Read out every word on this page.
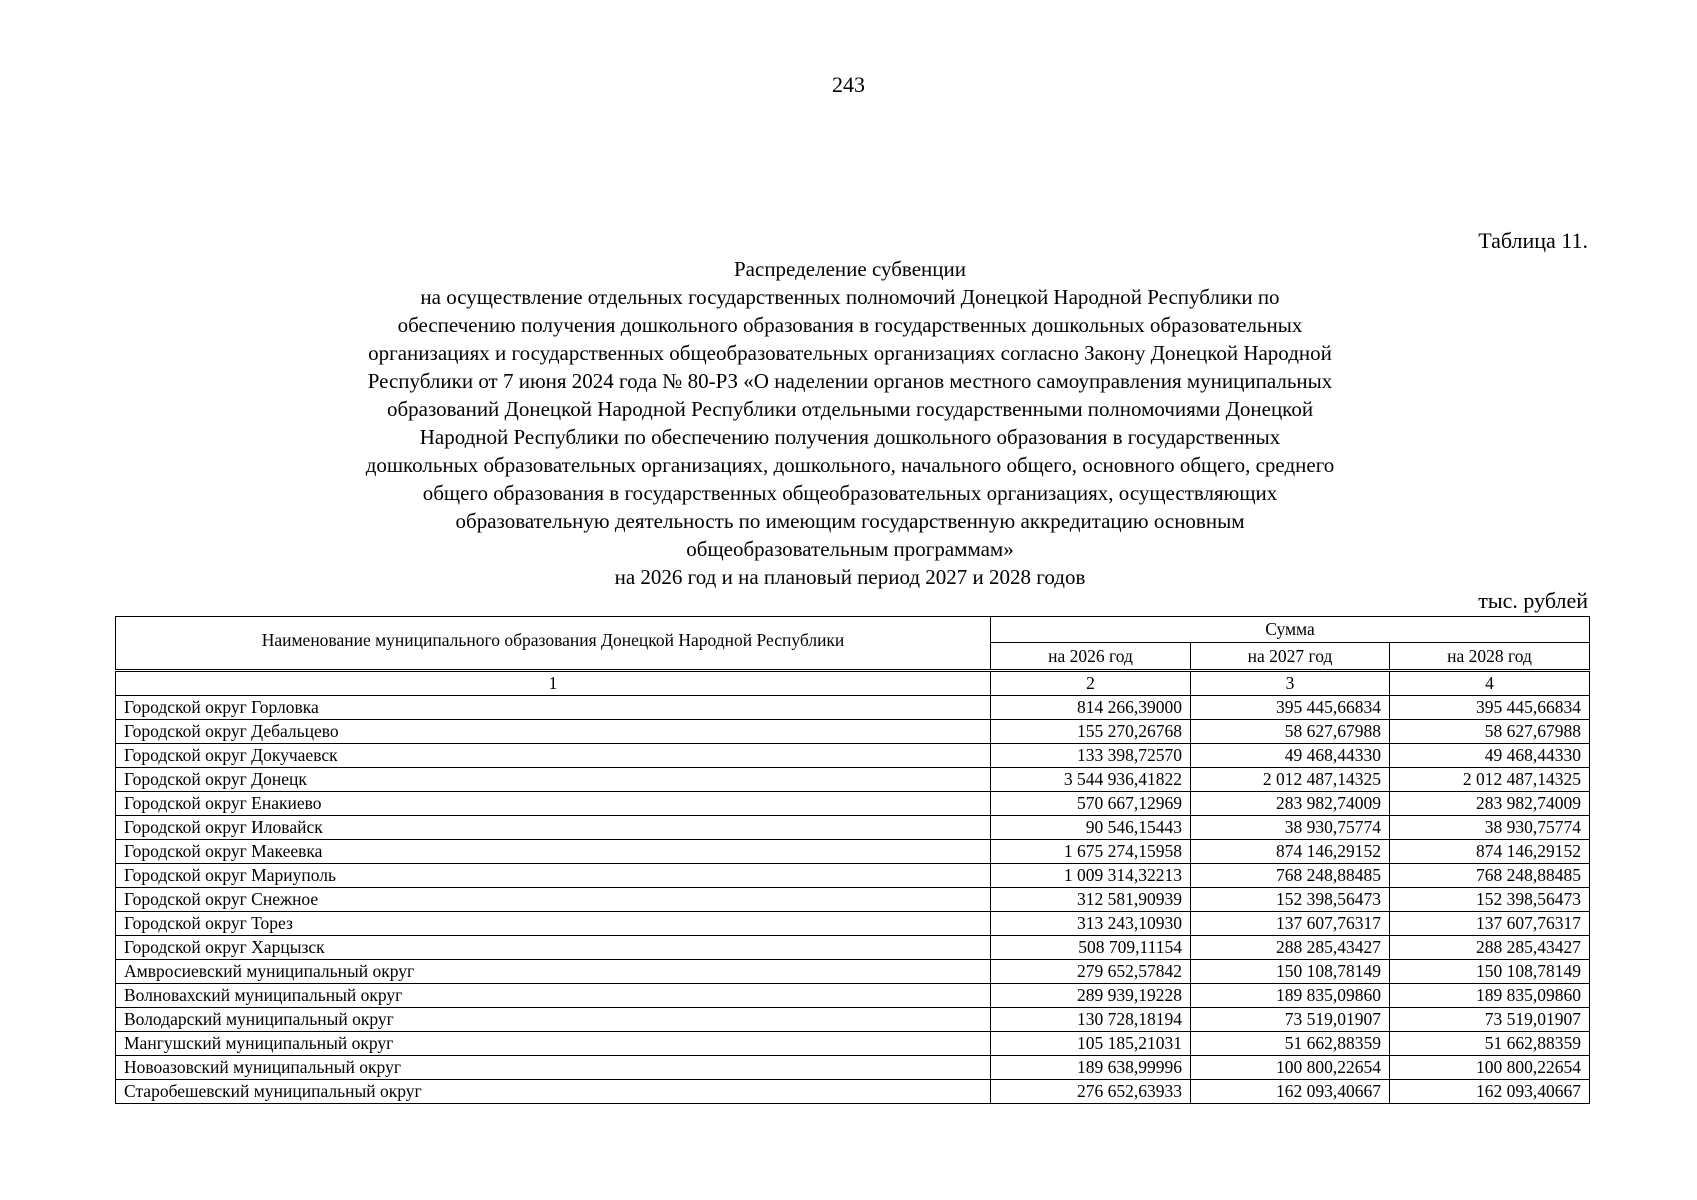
243
Таблица 11.
Распределение субвенции
на осуществление отдельных государственных полномочий Донецкой Народной Республики по
обеспечению получения дошкольного образования в государственных дошкольных образовательных
организациях и государственных общеобразовательных организациях согласно Закону Донецкой Народной
Республики от 7 июня 2024 года № 80-РЗ «О наделении органов местного самоуправления муниципальных
образований Донецкой Народной Республики отдельными государственными полномочиями Донецкой
Народной Республики по обеспечению получения дошкольного образования в государственных
дошкольных образовательных организациях, дошкольного, начального общего, основного общего, среднего
общего образования в государственных общеобразовательных организациях, осуществляющих
образовательную деятельность по имеющим государственную аккредитацию основным
общеобразовательным программам»
на 2026 год и на плановый период 2027 и 2028 годов
тыс. рублей
Наименование муниципального образования Донецкой Народной Республики	Сумма		
	на 2026 год	на 2027 год	на 2028 год
1	2	3	4
Городской округ Горловка	814 266,39000	395 445,66834	395 445,66834
Городской округ Дебальцево	155 270,26768	58 627,67988	58 627,67988
Городской округ Докучаевск	133 398,72570	49 468,44330	49 468,44330
Городской округ Донецк	3 544 936,41822	2 012 487,14325	2 012 487,14325
Городской округ Енакиево	570 667,12969	283 982,74009	283 982,74009
Городской округ Иловайск	90 546,15443	38 930,75774	38 930,75774
Городской округ Макеевка	1 675 274,15958	874 146,29152	874 146,29152
Городской округ Мариуполь	1 009 314,32213	768 248,88485	768 248,88485
Городской округ Снежное	312 581,90939	152 398,56473	152 398,56473
Городской округ Торез	313 243,10930	137 607,76317	137 607,76317
Городской округ Харцызск	508 709,11154	288 285,43427	288 285,43427
Амвросиевский муниципальный округ	279 652,57842	150 108,78149	150 108,78149
Волновахский муниципальный округ	289 939,19228	189 835,09860	189 835,09860
Володарский муниципальный округ	130 728,18194	73 519,01907	73 519,01907
Мангушский муниципальный округ	105 185,21031	51 662,88359	51 662,88359
Новоазовский муниципальный округ	189 638,99996	100 800,22654	100 800,22654
Старобешевский муниципальный округ	276 652,63933	162 093,40667	162 093,40667
